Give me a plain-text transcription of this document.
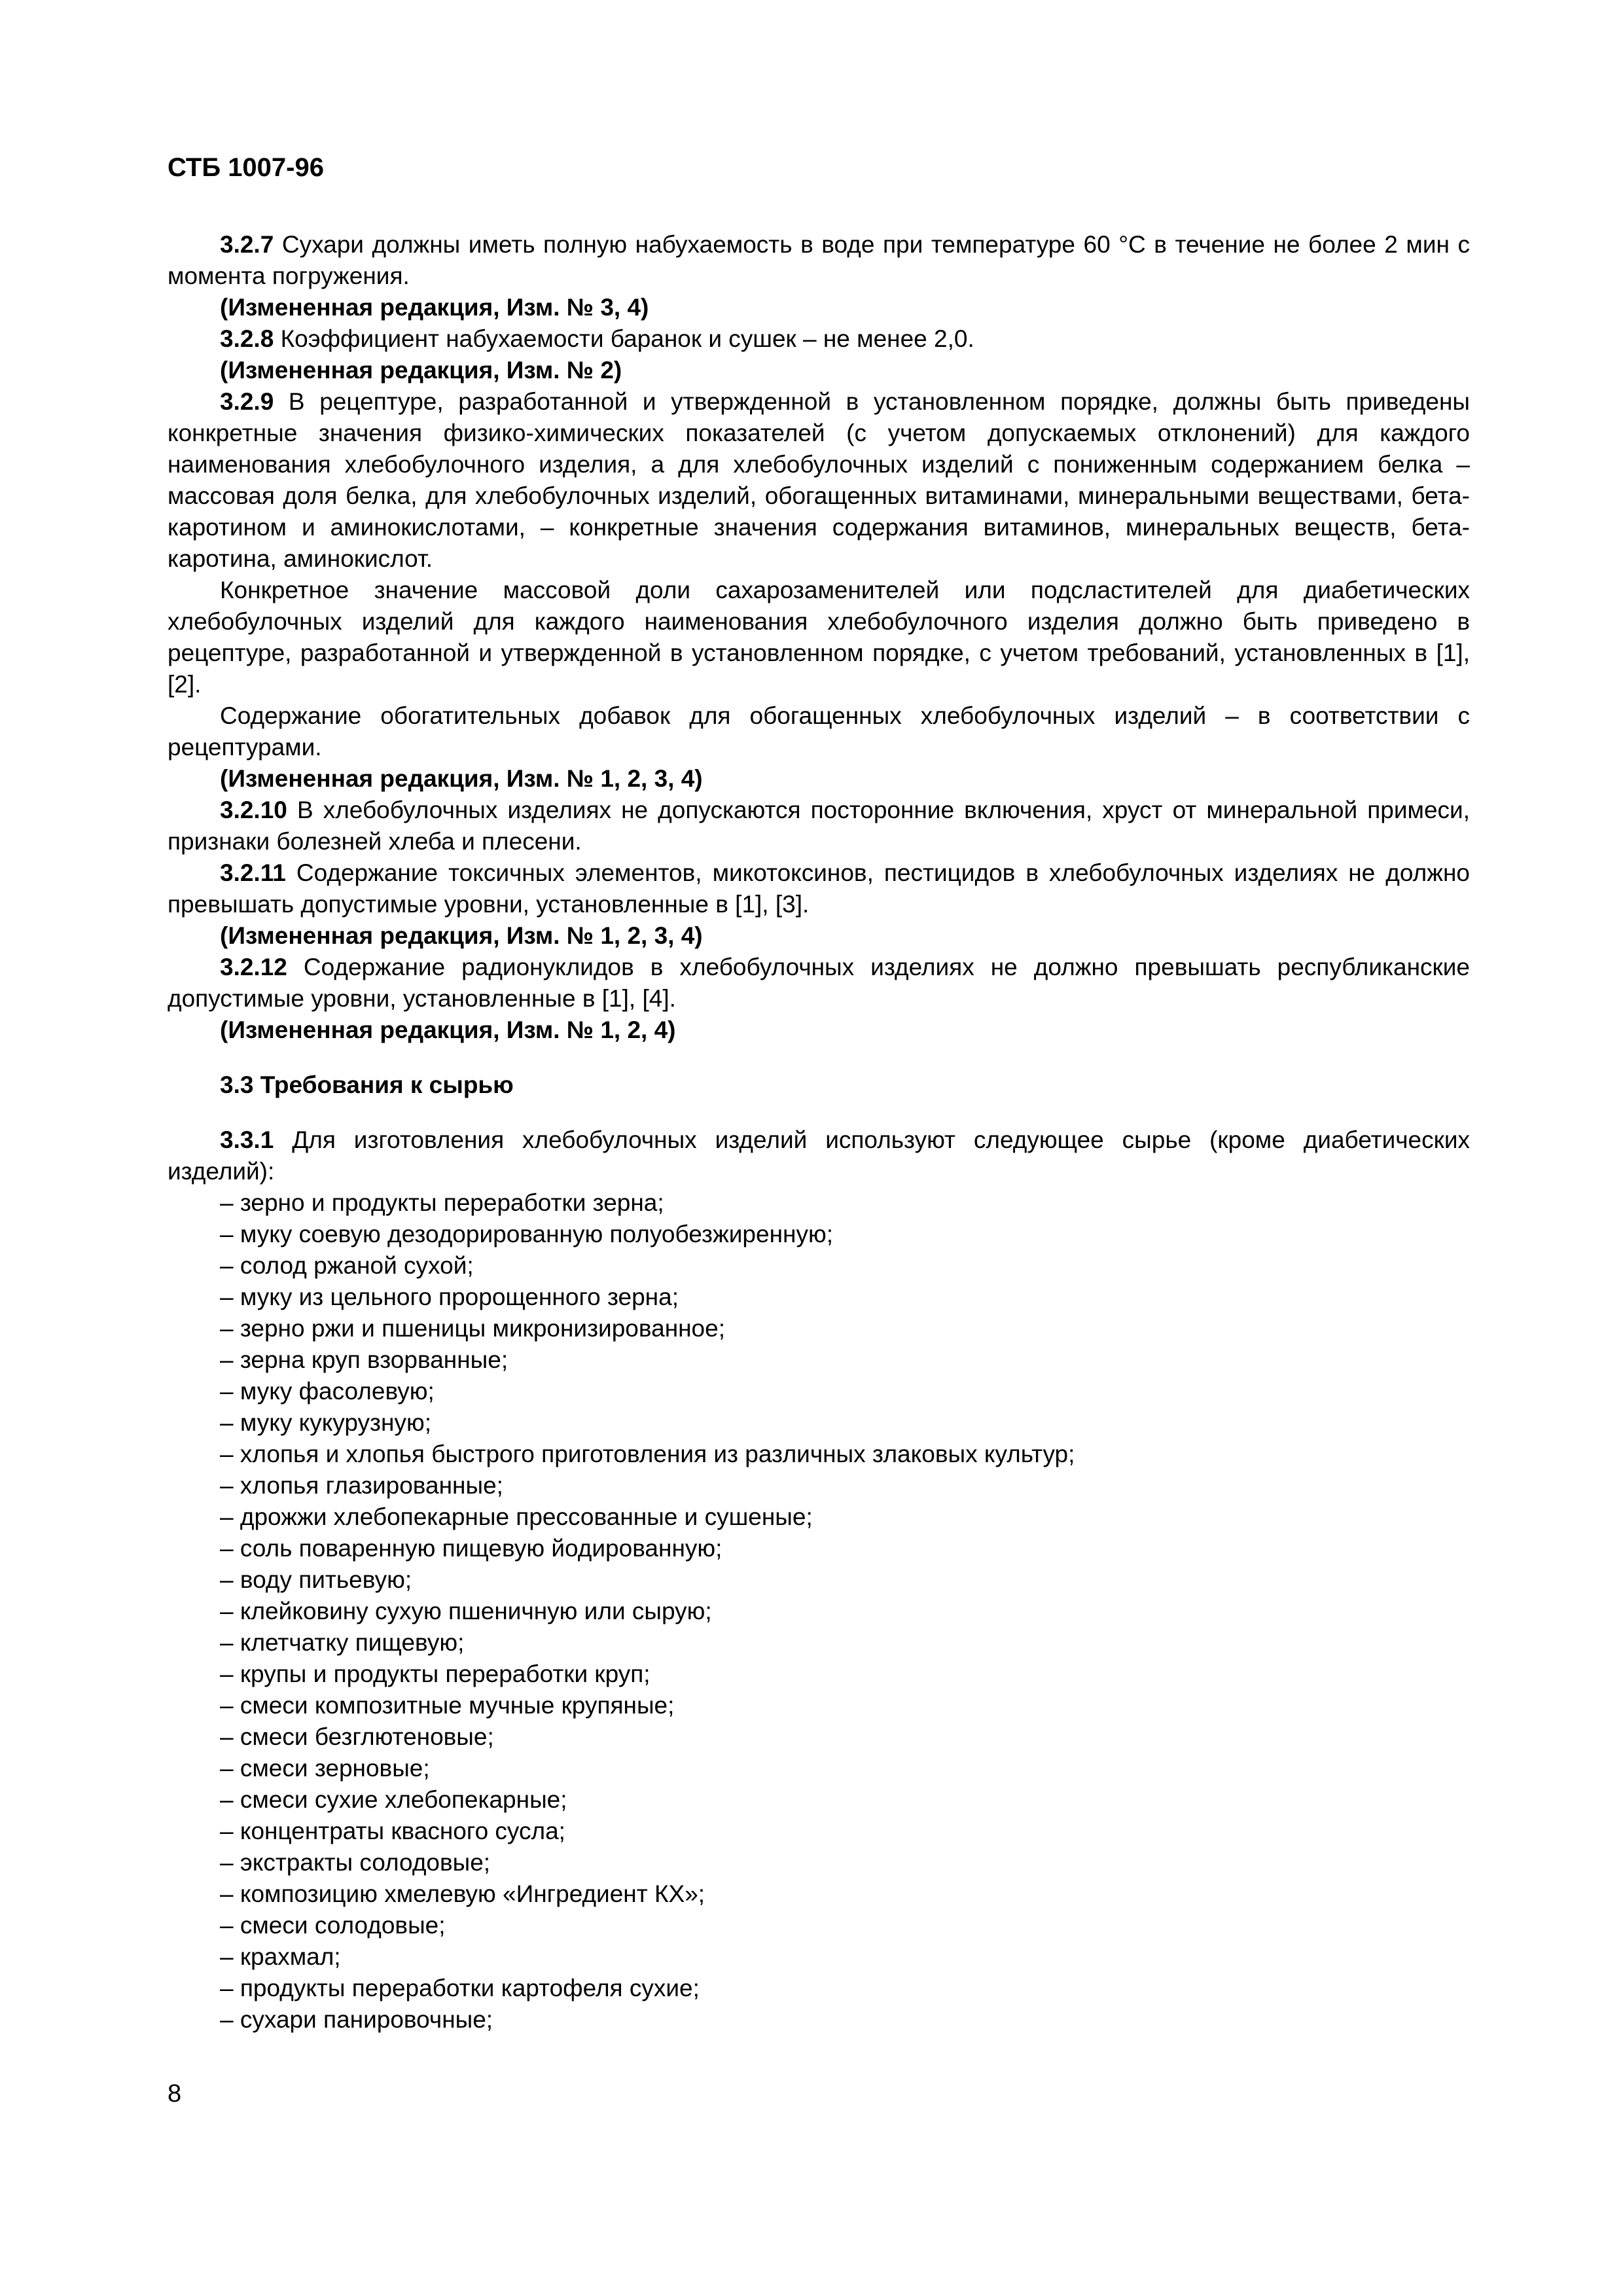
СТБ 1007-96

3.2.7 Сухари должны иметь полную набухаемость в воде при температуре 60 °С в течение не более 2 мин с момента погружения.

(Измененная редакция, Изм. № 3, 4)

3.2.8 Коэффициент набухаемости баранок и сушек – не менее 2,0.

(Измененная редакция, Изм. № 2)

3.2.9 В рецептуре, разработанной и утвержденной в установленном порядке, должны быть приведены конкретные значения физико-химических показателей (с учетом допускаемых отклонений) для каждого наименования хлебобулочного изделия, а для хлебобулочных изделий с пониженным содержанием белка – массовая доля белка, для хлебобулочных изделий, обогащенных витаминами, минеральными веществами, бета-каротином и аминокислотами, – конкретные значения содержания витаминов, минеральных веществ, бета-каротина, аминокислот.

Конкретное значение массовой доли сахарозаменителей или подсластителей для диабетических хлебобулочных изделий для каждого наименования хлебобулочного изделия должно быть приведено в рецептуре, разработанной и утвержденной в установленном порядке, с учетом требований, установленных в [1], [2].

Содержание обогатительных добавок для обогащенных хлебобулочных изделий – в соответствии с рецептурами.

(Измененная редакция, Изм. № 1, 2, 3, 4)

3.2.10 В хлебобулочных изделиях не допускаются посторонние включения, хруст от минеральной примеси, признаки болезней хлеба и плесени.

3.2.11 Содержание токсичных элементов, микотоксинов, пестицидов в хлебобулочных изделиях не должно превышать допустимые уровни, установленные в [1], [3].

(Измененная редакция, Изм. № 1, 2, 3, 4)

3.2.12 Содержание радионуклидов в хлебобулочных изделиях не должно превышать республиканские допустимые уровни, установленные в [1], [4].

(Измененная редакция, Изм. № 1, 2, 4)
3.3 Требования к сырью

3.3.1 Для изготовления хлебобулочных изделий используют следующее сырье (кроме диабетических изделий):

– зерно и продукты переработки зерна;
– муку соевую дезодорированную полуобезжиренную;
– солод ржаной сухой;
– муку из цельного пророщенного зерна;
– зерно ржи и пшеницы микронизированное;
– зерна круп взорванные;
– муку фасолевую;
– муку кукурузную;
– хлопья и хлопья быстрого приготовления из различных злаковых культур;
– хлопья глазированные;
– дрожжи хлебопекарные прессованные и сушеные;
– соль поваренную пищевую йодированную;
– воду питьевую;
– клейковину сухую пшеничную или сырую;
– клетчатку пищевую;
– крупы и продукты переработки круп;
– смеси композитные мучные крупяные;
– смеси безглютеновые;
– смеси зерновые;
– смеси сухие хлебопекарные;
– концентраты квасного сусла;
– экстракты солодовые;
– композицию хмелевую «Ингредиент КХ»;
– смеси солодовые;
– крахмал;
– продукты переработки картофеля сухие;
– сухари панировочные;
8
